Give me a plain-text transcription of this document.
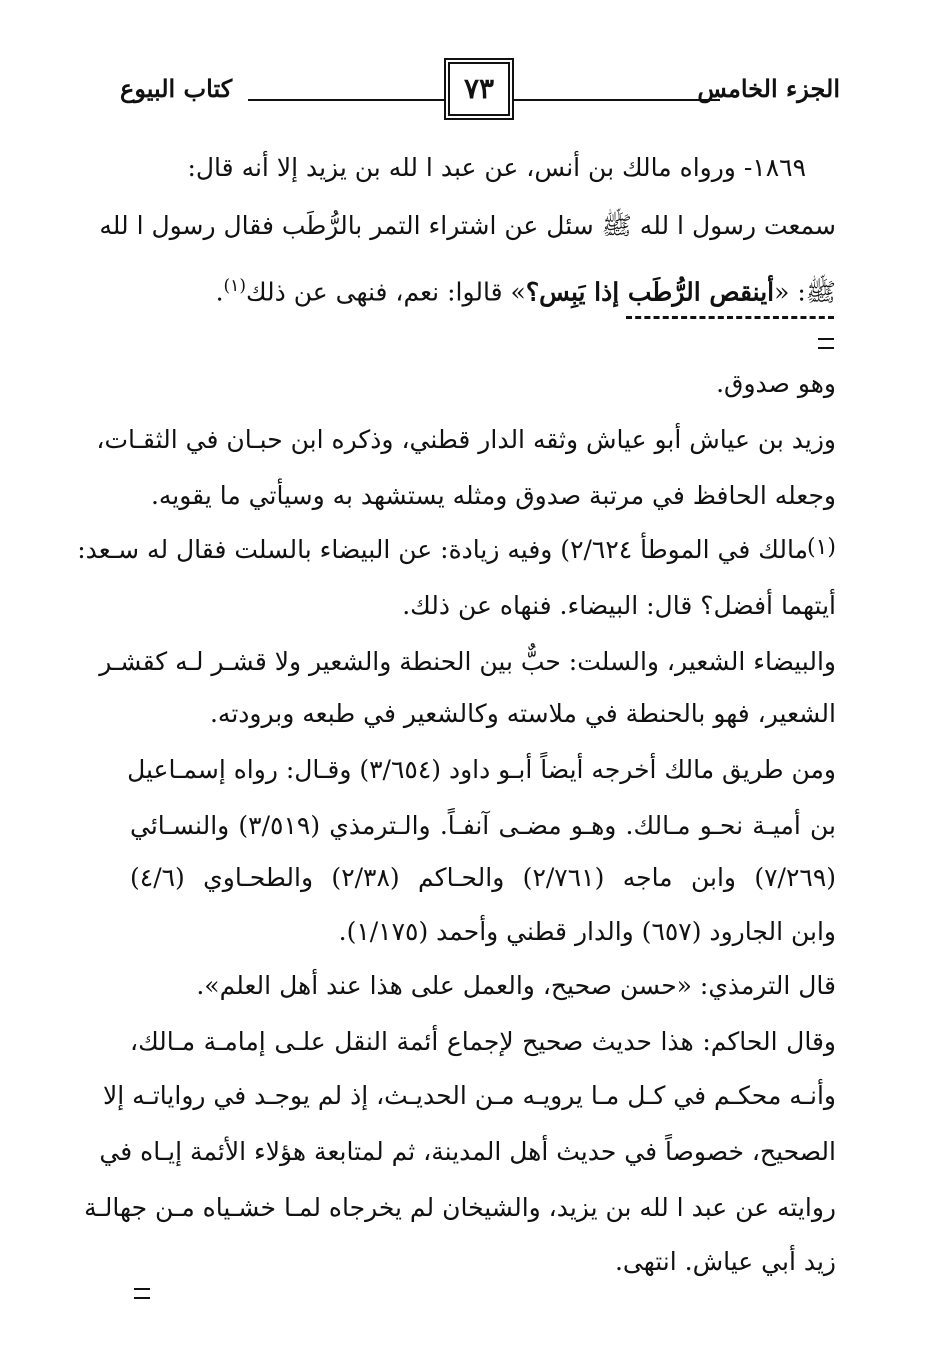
الجزء الخامس
٧٣
كتاب البيوع
١٨٦٩- ورواه مالك بن أنس، عن عبد ا لله بن يزيد إلا أنه قال:
سمعت رسول ا لله ﷺ سئل عن اشتراء التمر بالرُّطَب فقال رسول ا لله
ﷺ: «أينقص الرُّطَب إذا يَبِس؟» قالوا: نعم، فنهى عن ذلك$^{(١)}$.
وهو صدوق.
وزيد بن عياش أبو عياش وثقه الدار قطني، وذكره ابن حبـان في الثقـات،
وجعله الحافظ في مرتبة صدوق ومثله يستشهد به وسيأتي ما يقويه.
(١)
مالك في الموطأ ٢/٦٢٤) وفيه زيادة: عن البيضاء بالسلت فقال له سـعد:
أيتهما أفضل؟ قال: البيضاء. فنهاه عن ذلك.
والبيضاء الشعير، والسلت: حبٌّ بين الحنطة والشعير ولا قشـر لـه كقشـر
الشعير، فهو بالحنطة في ملاسته وكالشعير في طبعه وبرودته.
ومن طريق مالك أخرجه أيضاً أبـو داود (٣/٦٥٤) وقـال: رواه إسمـاعيل
بن أميـة نحـو مـالك. وهـو مضـى آنفـاً. والـترمذي (٣/٥١٩) والنسـائي
(٧/٢٦٩) وابن ماجه (٢/٧٦١) والحـاكم (٢/٣٨) والطحـاوي (٤/٦)
وابن الجارود (٦٥٧) والدار قطني وأحمد (١/١٧٥).
قال الترمذي: «حسن صحيح، والعمل على هذا عند أهل العلم».
وقال الحاكم: هذا حديث صحيح لإجماع أئمة النقل علـى إمامـة مـالك،
وأنـه محكـم في كـل مـا يرويـه مـن الحديـث، إذ لم يوجـد في رواياتـه إلا
الصحيح، خصوصاً في حديث أهل المدينة، ثم لمتابعة هؤلاء الأئمة إيـاه في
روايته عن عبد ا لله بن يزيد، والشيخان لم يخرجاه لمـا خشـياه مـن جهالـة
زيد أبي عياش. انتهى.
